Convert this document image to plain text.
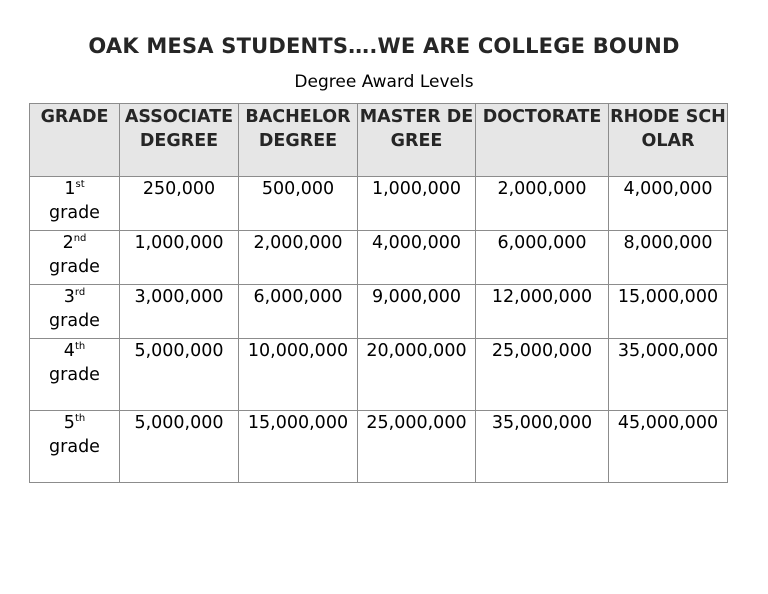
OAK MESA STUDENTS….WE ARE COLLEGE BOUND
Degree Award Levels
GRADE	ASSOCIATE DEGREE	BACHELOR DEGREE	MASTER DEGREE	DOCTORATE	RHODE SCHOLAR
1st
grade	250,000	500,000	1,000,000	2,000,000	4,000,000
2nd
grade	1,000,000	2,000,000	4,000,000	6,000,000	8,000,000
3rd
grade	3,000,000	6,000,000	9,000,000	12,000,000	15,000,000
4th
grade	5,000,000	10,000,000	20,000,000	25,000,000	35,000,000
5th
grade	5,000,000	15,000,000	25,000,000	35,000,000	45,000,000
